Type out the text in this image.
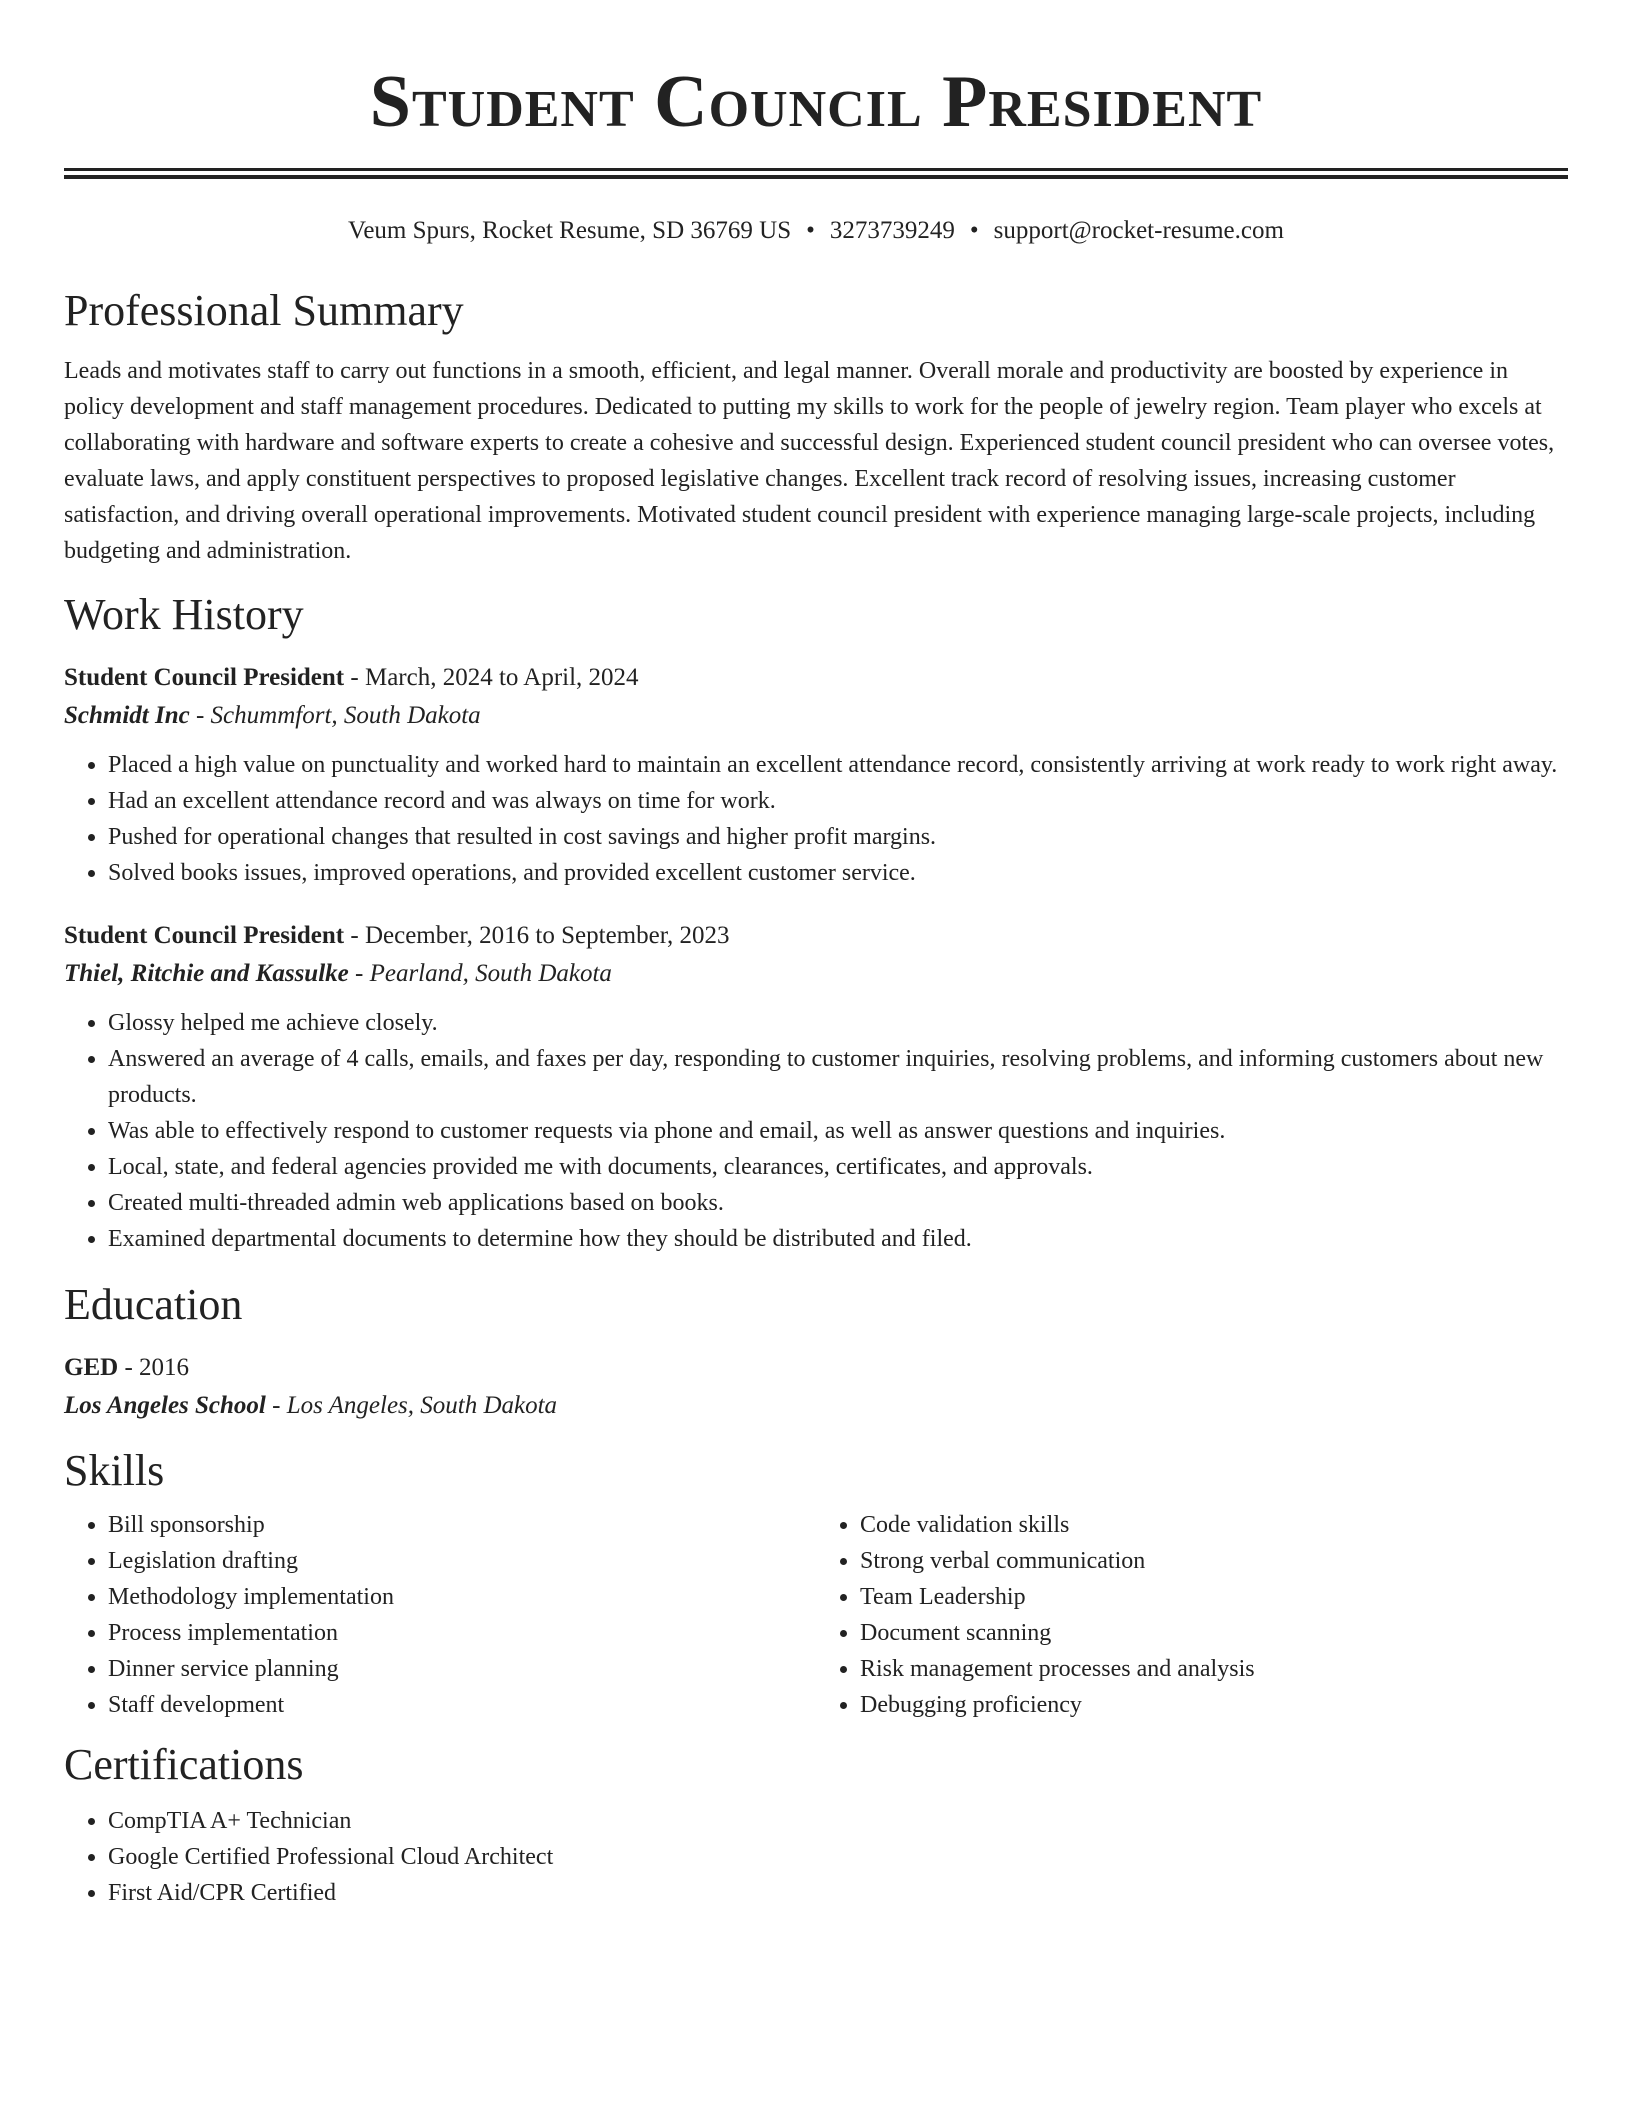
Student Council President
Veum Spurs, Rocket Resume, SD 36769 US • 3273739249 • support@rocket-resume.com
Professional Summary
Leads and motivates staff to carry out functions in a smooth, efficient, and legal manner. Overall morale and productivity are boosted by experience in policy development and staff management procedures. Dedicated to putting my skills to work for the people of jewelry region. Team player who excels at collaborating with hardware and software experts to create a cohesive and successful design. Experienced student council president who can oversee votes, evaluate laws, and apply constituent perspectives to proposed legislative changes. Excellent track record of resolving issues, increasing customer satisfaction, and driving overall operational improvements. Motivated student council president with experience managing large-scale projects, including budgeting and administration.
Work History
Student Council President - March, 2024 to April, 2024
Schmidt Inc - Schummfort, South Dakota
• Placed a high value on punctuality and worked hard to maintain an excellent attendance record, consistently arriving at work ready to work right away.
• Had an excellent attendance record and was always on time for work.
• Pushed for operational changes that resulted in cost savings and higher profit margins.
• Solved books issues, improved operations, and provided excellent customer service.
Student Council President - December, 2016 to September, 2023
Thiel, Ritchie and Kassulke - Pearland, South Dakota
• Glossy helped me achieve closely.
• Answered an average of 4 calls, emails, and faxes per day, responding to customer inquiries, resolving problems, and informing customers about new products.
• Was able to effectively respond to customer requests via phone and email, as well as answer questions and inquiries.
• Local, state, and federal agencies provided me with documents, clearances, certificates, and approvals.
• Created multi-threaded admin web applications based on books.
• Examined departmental documents to determine how they should be distributed and filed.
Education
GED - 2016
Los Angeles School - Los Angeles, South Dakota
Skills
• Bill sponsorship
• Legislation drafting
• Methodology implementation
• Process implementation
• Dinner service planning
• Staff development
• Code validation skills
• Strong verbal communication
• Team Leadership
• Document scanning
• Risk management processes and analysis
• Debugging proficiency
Certifications
• CompTIA A+ Technician
• Google Certified Professional Cloud Architect
• First Aid/CPR Certified
